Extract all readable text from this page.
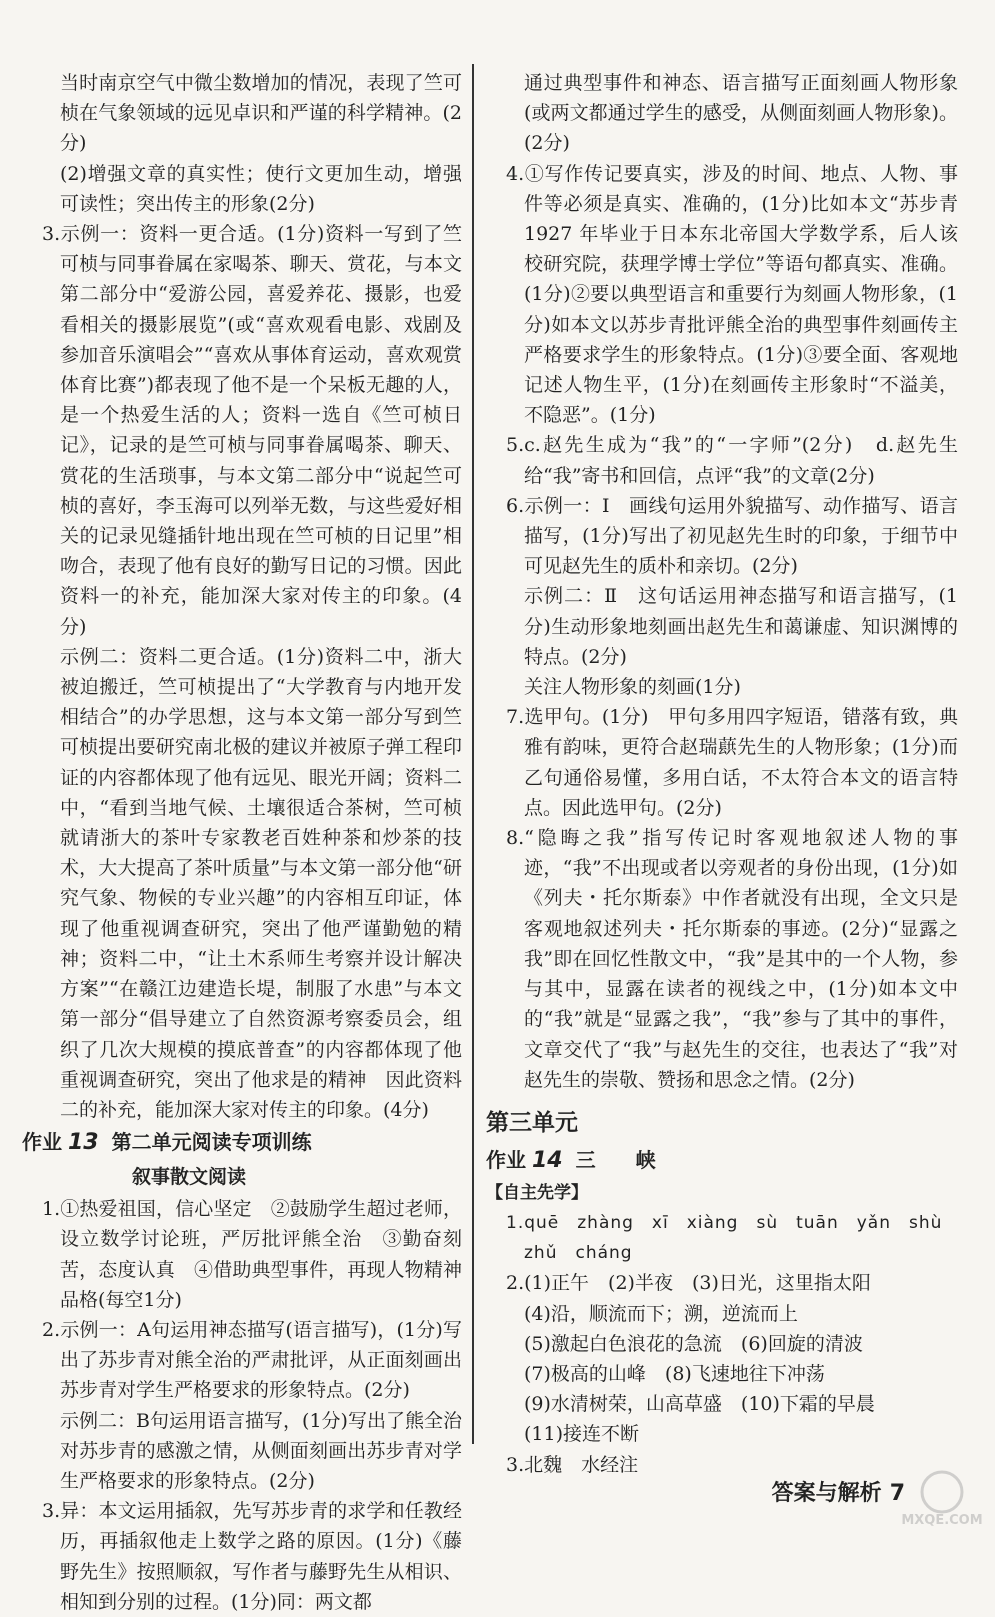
当时南京空气中微尘数增加的情况，表现了竺可桢在气象领域的远见卓识和严谨的科学精神。(2分)

(2)增强文章的真实性；使行文更加生动，增强可读性；突出传主的形象(2分)

3.示例一：资料一更合适。(1分)资料一写到了竺可桢与同事眷属在家喝茶、聊天、赏花，与本文第二部分中“爱游公园，喜爱养花、摄影，也爱看相关的摄影展览”(或“喜欢观看电影、戏剧及参加音乐演唱会”“喜欢从事体育运动，喜欢观赏体育比赛”)都表现了他不是一个呆板无趣的人，是一个热爱生活的人；资料一选自《竺可桢日记》，记录的是竺可桢与同事眷属喝茶、聊天、赏花的生活琐事，与本文第二部分中“说起竺可桢的喜好，李玉海可以列举无数，与这些爱好相关的记录见缝插针地出现在竺可桢的日记里”相吻合，表现了他有良好的勤写日记的习惯。因此资料一的补充，能加深大家对传主的印象。(4分)

示例二：资料二更合适。(1分)资料二中，浙大被迫搬迁，竺可桢提出了“大学教育与内地开发相结合”的办学思想，这与本文第一部分写到竺可桢提出要研究南北极的建议并被原子弹工程印证的内容都体现了他有远见、眼光开阔；资料二中，“看到当地气候、土壤很适合茶树，竺可桢就请浙大的茶叶专家教老百姓种茶和炒茶的技术，大大提高了茶叶质量”与本文第一部分他“研究气象、物候的专业兴趣”的内容相互印证，体现了他重视调查研究，突出了他严谨勤勉的精神；资料二中，“让土木系师生考察并设计解决方案”“在赣江边建造长堤，制服了水患”与本文第一部分“倡导建立了自然资源考察委员会，组织了几次大规模的摸底普查”的内容都体现了他重视调查研究，突出了他求是的精神　因此资料二的补充，能加深大家对传主的印象。(4分)

作业 13 第二单元阅读专项训练
叙事散文阅读

1.①热爱祖国，信心坚定　②鼓励学生超过老师，设立数学讨论班，严厉批评熊全治　③勤奋刻苦，态度认真　④借助典型事件，再现人物精神品格(每空1分)

2.示例一：A句运用神态描写(语言描写)，(1分)写出了苏步青对熊全治的严肃批评，从正面刻画出苏步青对学生严格要求的形象特点。(2分)

示例二：B句运用语言描写，(1分)写出了熊全治对苏步青的感激之情，从侧面刻画出苏步青对学生严格要求的形象特点。(2分)

3.异：本文运用插叙，先写苏步青的求学和任教经历，再插叙他走上数学之路的原因。(1分)《藤野先生》按照顺叙，写作者与藤野先生从相识、相知到分别的过程。(1分)同：两文都

通过典型事件和神态、语言描写正面刻画人物形象(或两文都通过学生的感受，从侧面刻画人物形象)。(2分)

4.①写作传记要真实，涉及的时间、地点、人物、事件等必须是真实、准确的，(1分)比如本文“苏步青 1927 年毕业于日本东北帝国大学数学系，后人该校研究院，获理学博士学位”等语句都真实、准确。(1分)②要以典型语言和重要行为刻画人物形象，(1分)如本文以苏步青批评熊全治的典型事件刻画传主严格要求学生的形象特点。(1分)③要全面、客观地记述人物生平，(1分)在刻画传主形象时“不溢美，不隐恶”。(1分)

5.c.赵先生成为“我”的“一字师”(2分)　d.赵先生给“我”寄书和回信，点评“我”的文章(2分)

6.示例一：Ⅰ　画线句运用外貌描写、动作描写、语言描写，(1分)写出了初见赵先生时的印象，于细节中可见赵先生的质朴和亲切。(2分)

示例二：Ⅱ　这句话运用神态描写和语言描写，(1分)生动形象地刻画出赵先生和蔼谦虚、知识渊博的特点。(2分)

关注人物形象的刻画(1分)

7.选甲句。(1分)　甲句多用四字短语，错落有致，典雅有韵味，更符合赵瑞蕻先生的人物形象；(1分)而乙句通俗易懂，多用白话，不太符合本文的语言特点。因此选甲句。(2分)

8.“隐晦之我”指写传记时客观地叙述人物的事迹，“我”不出现或者以旁观者的身份出现，(1分)如《列夫・托尔斯泰》中作者就没有出现，全文只是客观地叙述列夫・托尔斯泰的事迹。(2分)“显露之我”即在回忆性散文中，“我”是其中的一个人物，参与其中，显露在读者的视线之中，(1分)如本文中的“我”就是“显露之我”，“我”参与了其中的事件，文章交代了“我”与赵先生的交往，也表达了“我”对赵先生的崇敬、赞扬和思念之情。(2分)

第三单元
作业 14 三　　峡
【自主先学】

1.quē　zhàng　xī　xiàng　sù　tuān　yǎn　shù

zhǔ　cháng

2.(1)正午　(2)半夜　(3)日光，这里指太阳

(4)沿，顺流而下；溯，逆流而上

(5)激起白色浪花的急流　(6)回旋的清波

(7)极高的山峰　(8)飞速地往下冲荡

(9)水清树荣，山高草盛　(10)下霜的早晨

(11)接连不断

3.北魏　水经注

答案与解析 7
MXQE.COM
